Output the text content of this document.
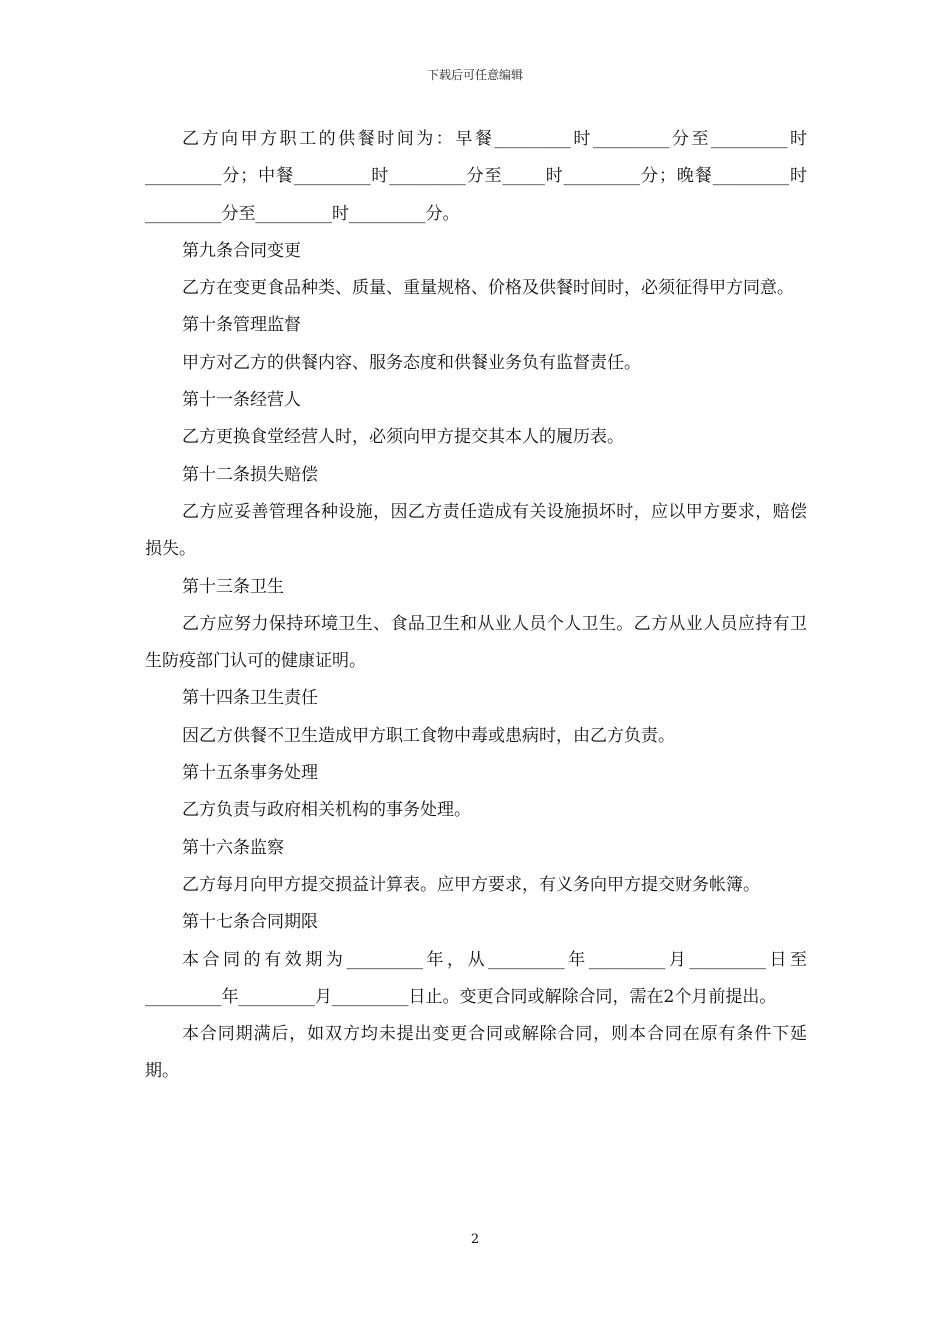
下载后可任意编辑

乙方向甲方职工的供餐时间为：早餐_________时_________分至_________时_________分；中餐_________时_________分至_____时_________分；晚餐_________时_________分至_________时_________分。

第九条合同变更

乙方在变更食品种类、质量、重量规格、价格及供餐时间时，必须征得甲方同意。

第十条管理监督

甲方对乙方的供餐内容、服务态度和供餐业务负有监督责任。

第十一条经营人

乙方更换食堂经营人时，必须向甲方提交其本人的履历表。

第十二条损失赔偿

乙方应妥善管理各种设施，因乙方责任造成有关设施损坏时，应以甲方要求，赔偿损失。

第十三条卫生

乙方应努力保持环境卫生、食品卫生和从业人员个人卫生。乙方从业人员应持有卫生防疫部门认可的健康证明。

第十四条卫生责任

因乙方供餐不卫生造成甲方职工食物中毒或患病时，由乙方负责。

第十五条事务处理

乙方负责与政府相关机构的事务处理。

第十六条监察

乙方每月向甲方提交损益计算表。应甲方要求，有义务向甲方提交财务帐簿。

第十七条合同期限

本合同的有效期为_________年，从_________年_________月_________日至_________年_________月_________日止。变更合同或解除合同，需在2个月前提出。

本合同期满后，如双方均未提出变更合同或解除合同，则本合同在原有条件下延期。

2
